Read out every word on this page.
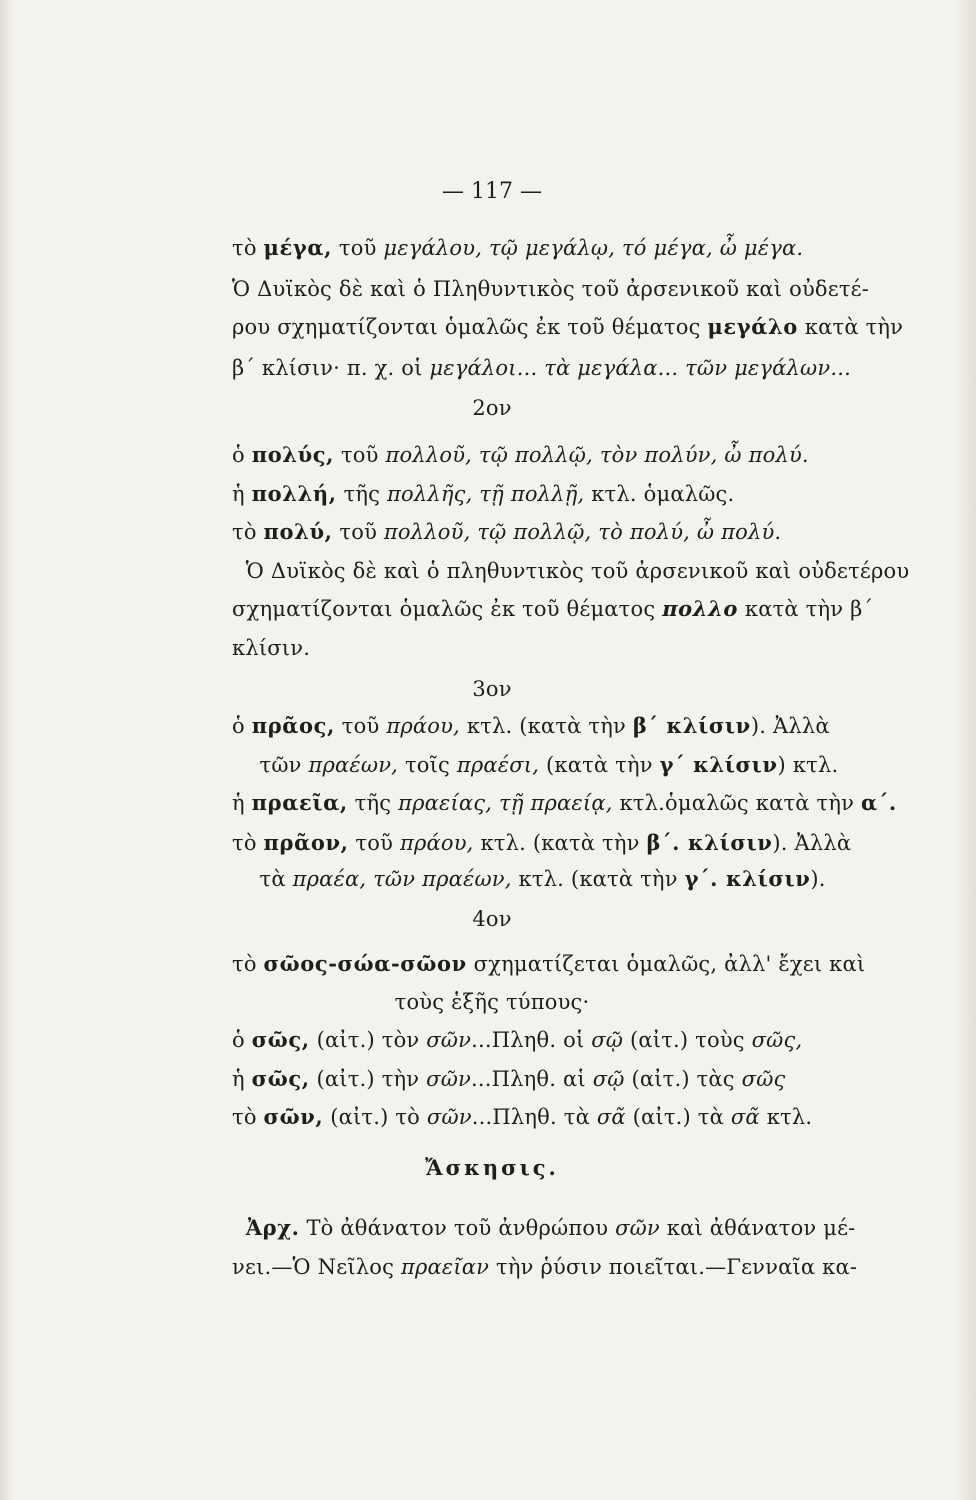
— 117 —
τὸ μέγα, τοῦ μεγάλου, τῷ μεγάλῳ, τό μέγα, ὦ μέγα.
Ὁ Δυϊκὸς δὲ καὶ ὁ Πληθυντικὸς τοῦ ἀρσενικοῦ καὶ οὐδετέ-
ρου σχηματίζονται ὁμαλῶς ἐκ τοῦ θέματος μεγάλο κατὰ τὴν
β΄ κλίσιν· π. χ. οἱ μεγάλοι... τὰ μεγάλα... τῶν μεγάλων...
2ον
ὁ πολύς, τοῦ πολλοῦ, τῷ πολλῷ, τὸν πολύν, ὦ πολύ.
ἡ πολλή, τῆς πολλῆς, τῇ πολλῇ, κτλ. ὁμαλῶς.
τὸ πολύ, τοῦ πολλοῦ, τῷ πολλῷ, τὸ πολύ, ὦ πολύ.
Ὁ Δυϊκὸς δὲ καὶ ὁ πληθυντικὸς τοῦ ἀρσενικοῦ καὶ οὐδετέρου
σχηματίζονται ὁμαλῶς ἐκ τοῦ θέματος πολλο κατὰ τὴν β΄
κλίσιν.
3ον
ὁ πρᾶος, τοῦ πράου, κτλ. (κατὰ τὴν β΄ κλίσιν). Ἀλλὰ
τῶν πραέων, τοῖς πραέσι, (κατὰ τὴν γ΄ κλίσιν) κτλ.
ἡ πραεῖα, τῆς πραείας, τῇ πραείᾳ, κτλ.ὁμαλῶς κατὰ τὴν α΄.
τὸ πρᾶον, τοῦ πράου, κτλ. (κατὰ τὴν β΄. κλίσιν). Ἀλλὰ
τὰ πραέα, τῶν πραέων, κτλ. (κατὰ τὴν γ΄. κλίσιν).
4ον
τὸ σῶος-σώα-σῶον σχηματίζεται ὁμαλῶς, ἀλλ' ἔχει καὶ
τοὺς ἑξῆς τύπους·
ὁ σῶς, (αἰτ.) τὸν σῶν...Πληθ. οἱ σῷ (αἰτ.) τοὺς σῶς,
ἡ σῶς, (αἰτ.) τὴν σῶν...Πληθ. αἱ σῷ (αἰτ.) τὰς σῶς
τὸ σῶν, (αἰτ.) τὸ σῶν...Πληθ. τὰ σᾶ (αἰτ.) τὰ σᾶ κτλ.
Ἄσκησις.
Ἀρχ. Τὸ ἀθάνατον τοῦ ἀνθρώπου σῶν καὶ ἀθάνατον μέ-
νει.—Ὁ Νεῖλος πραεῖαν τὴν ῥύσιν ποιεῖται.—Γενναῖα κα-
